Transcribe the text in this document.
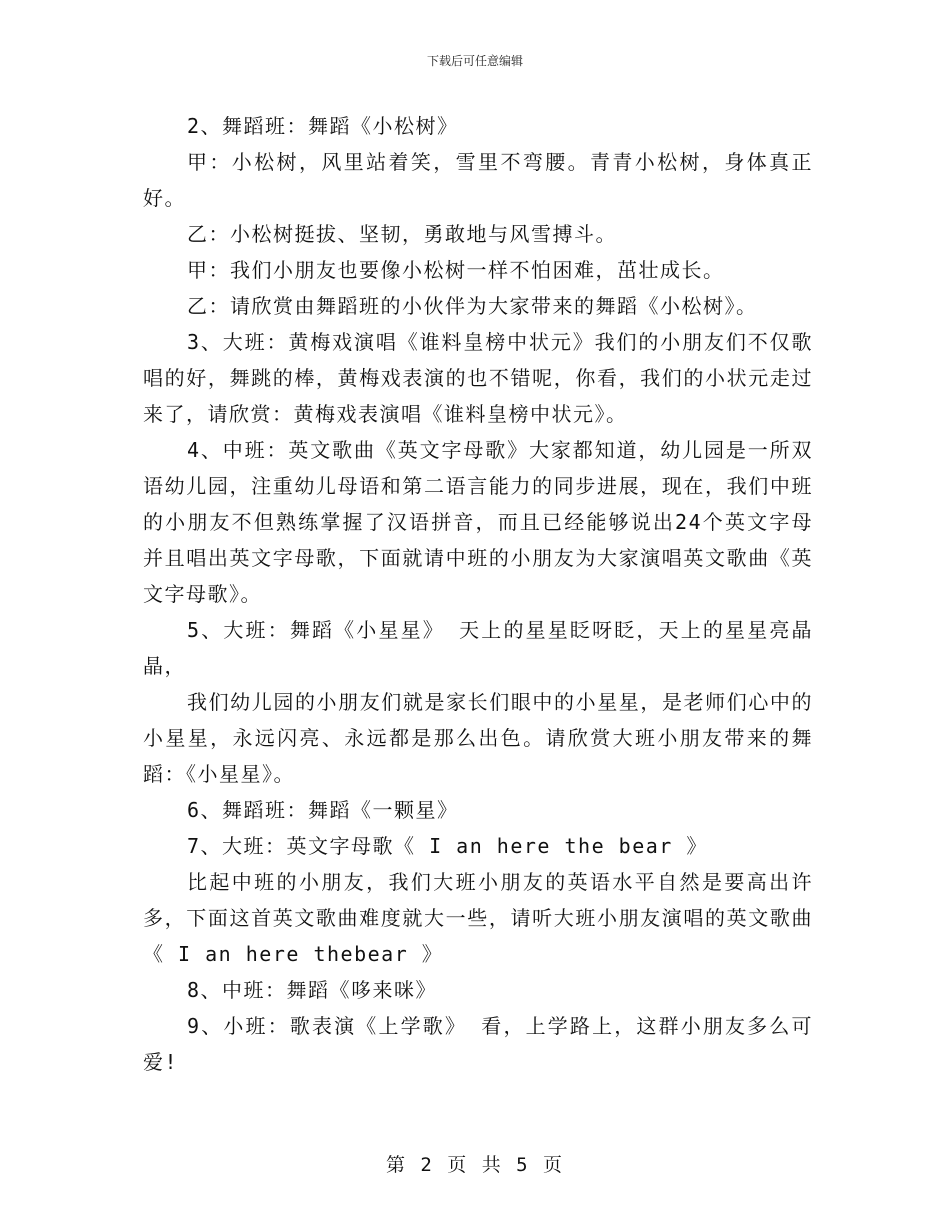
下载后可任意编辑

2、舞蹈班：舞蹈《小松树》

甲：小松树，风里站着笑，雪里不弯腰。青青小松树，身体真正好。

乙：小松树挺拔、坚韧，勇敢地与风雪搏斗。

甲：我们小朋友也要像小松树一样不怕困难，茁壮成长。

乙：请欣赏由舞蹈班的小伙伴为大家带来的舞蹈《小松树》。

3、大班：黄梅戏演唱《谁料皇榜中状元》我们的小朋友们不仅歌唱的好，舞跳的棒，黄梅戏表演的也不错呢，你看，我们的小状元走过来了，请欣赏：黄梅戏表演唱《谁料皇榜中状元》。

4、中班：英文歌曲《英文字母歌》大家都知道，幼儿园是一所双语幼儿园，注重幼儿母语和第二语言能力的同步进展，现在，我们中班的小朋友不但熟练掌握了汉语拼音，而且已经能够说出24个英文字母并且唱出英文字母歌，下面就请中班的小朋友为大家演唱英文歌曲《英文字母歌》。

5、大班：舞蹈《小星星》 天上的星星眨呀眨，天上的星星亮晶晶，

我们幼儿园的小朋友们就是家长们眼中的小星星，是老师们心中的小星星，永远闪亮、永远都是那么出色。请欣赏大班小朋友带来的舞蹈：《小星星》。

6、舞蹈班：舞蹈《一颗星》

7、大班：英文字母歌《 I an here the bear 》

比起中班的小朋友，我们大班小朋友的英语水平自然是要高出许多，下面这首英文歌曲难度就大一些，请听大班小朋友演唱的英文歌曲《 I an here thebear 》

8、中班：舞蹈《哆来咪》

9、小班：歌表演《上学歌》 看，上学路上，这群小朋友多么可爱!

第 2 页 共 5 页
